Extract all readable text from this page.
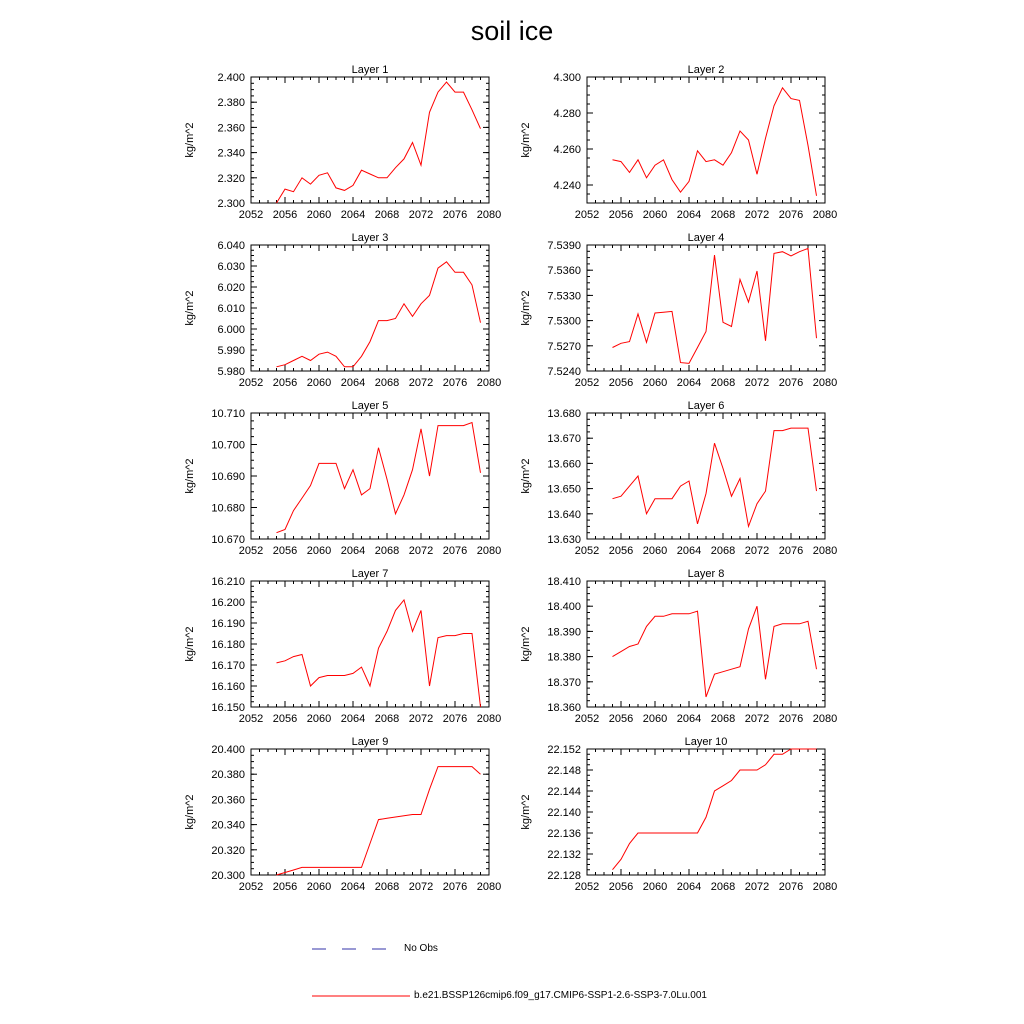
soil ice
Layer 1
kg/m^2
2052 2056 2060 2064 2068 2072 2076 2080
2.300
2.320
2.340
2.360
2.380
2.400
Layer 2
kg/m^2
2052 2056 2060 2064 2068 2072 2076 2080
4.240
4.260
4.280
4.300
Layer 3
kg/m^2
2052 2056 2060 2064 2068 2072 2076 2080
5.980
5.990
6.000
6.010
6.020
6.030
6.040
Layer 4
kg/m^2
2052 2056 2060 2064 2068 2072 2076 2080
7.5240
7.5270
7.5300
7.5330
7.5360
7.5390
Layer 5
kg/m^2
2052 2056 2060 2064 2068 2072 2076 2080
10.670
10.680
10.690
10.700
10.710
Layer 6
kg/m^2
2052 2056 2060 2064 2068 2072 2076 2080
13.630
13.640
13.650
13.660
13.670
13.680
Layer 7
kg/m^2
2052 2056 2060 2064 2068 2072 2076 2080
16.150
16.160
16.170
16.180
16.190
16.200
16.210
Layer 8
kg/m^2
2052 2056 2060 2064 2068 2072 2076 2080
18.360
18.370
18.380
18.390
18.400
18.410
Layer 9
kg/m^2
2052 2056 2060 2064 2068 2072 2076 2080
20.300
20.320
20.340
20.360
20.380
20.400
Layer 10
kg/m^2
2052 2056 2060 2064 2068 2072 2076 2080
22.128
22.132
22.136
22.140
22.144
22.148
22.152
No Obs
b.e21.BSSP126cmip6.f09_g17.CMIP6-SSP1-2.6-SSP3-7.0Lu.001
